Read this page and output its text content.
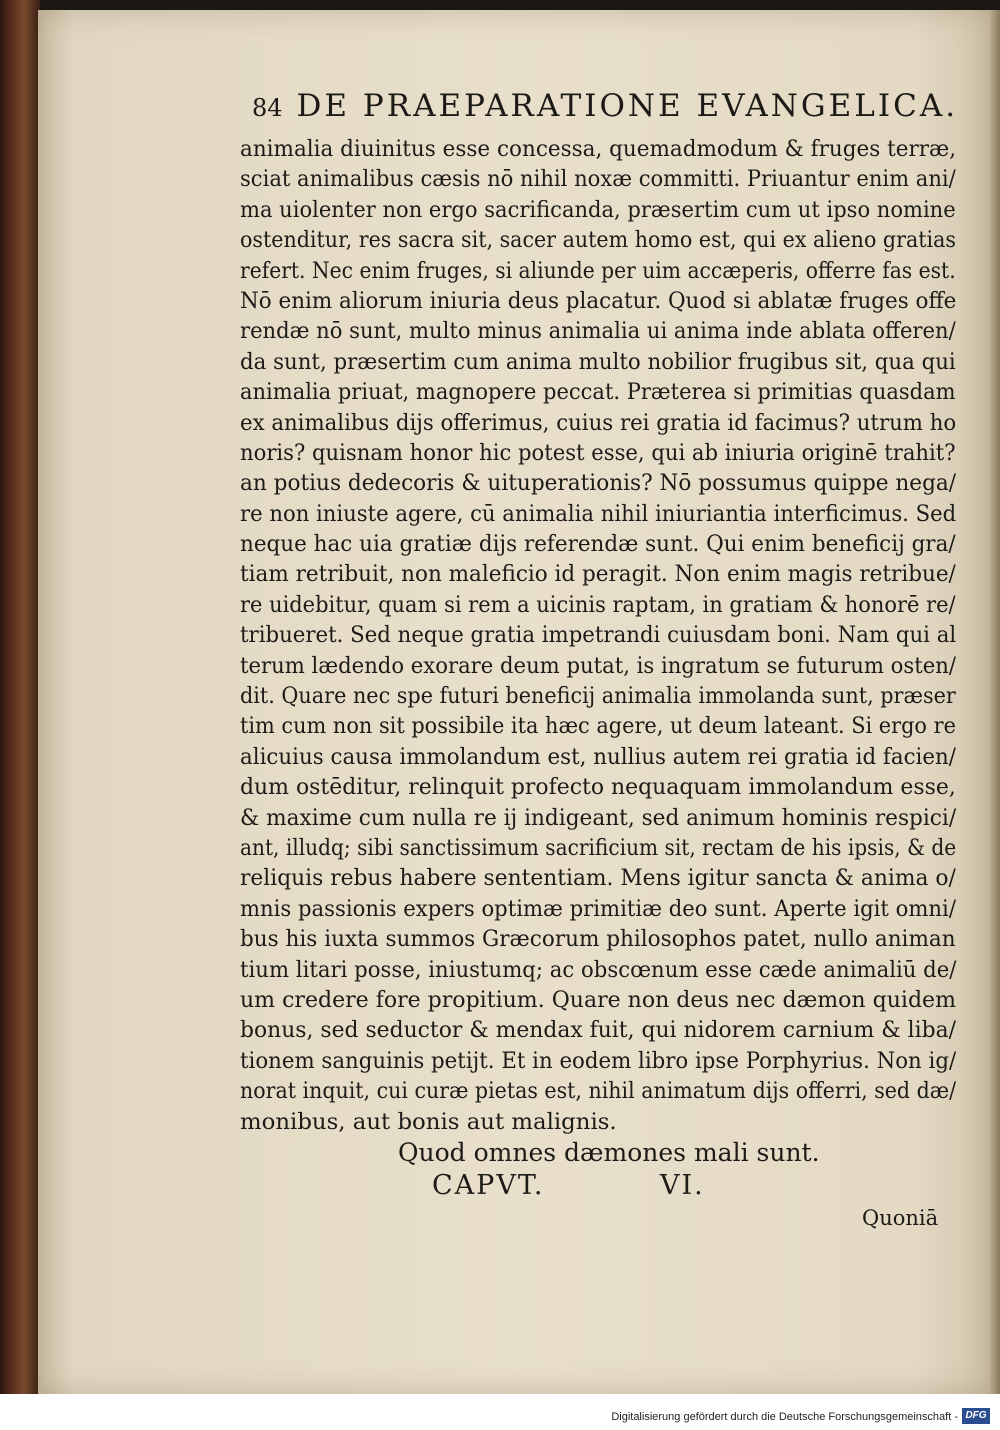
84 DE PRAEPARATIONE EVANGELICA.
animalia diuinitus esse concessa, quemadmodum & fruges terræ,
sciat animalibus cæsis nō nihil noxæ committi. Priuantur enim ani/
ma uiolenter non ergo sacrificanda, præsertim cum ut ipso nomine
ostenditur, res sacra sit, sacer autem homo est, qui ex alieno gratias
refert. Nec enim fruges, si aliunde per uim accæperis, offerre fas est.
Nō enim aliorum iniuria deus placatur. Quod si ablatæ fruges offe
rendæ nō sunt, multo minus animalia ui anima inde ablata offeren/
da sunt, præsertim cum anima multo nobilior frugibus sit, qua qui
animalia priuat, magnopere peccat. Præterea si primitias quasdam
ex animalibus dijs offerimus, cuius rei gratia id facimus? utrum ho
noris? quisnam honor hic potest esse, qui ab iniuria originē trahit?
an potius dedecoris & uituperationis? Nō possumus quippe nega/
re non iniuste agere, cū animalia nihil iniuriantia interficimus. Sed
neque hac uia gratiæ dijs referendæ sunt. Qui enim beneficij gra/
tiam retribuit, non maleficio id peragit. Non enim magis retribue/
re uidebitur, quam si rem a uicinis raptam, in gratiam & honorē re/
tribueret. Sed neque gratia impetrandi cuiusdam boni. Nam qui al
terum lædendo exorare deum putat, is ingratum se futurum osten/
dit. Quare nec spe futuri beneficij animalia immolanda sunt, præser
tim cum non sit possibile ita hæc agere, ut deum lateant. Si ergo re
alicuius causa immolandum est, nullius autem rei gratia id facien/
dum ostēditur, relinquit profecto nequaquam immolandum esse,
& maxime cum nulla re ij indigeant, sed animum hominis respici/
ant, illudq; sibi sanctissimum sacrificium sit, rectam de his ipsis, & de
reliquis rebus habere sententiam. Mens igitur sancta & anima o/
mnis passionis expers optimæ primitiæ deo sunt. Aperte igit omni/
bus his iuxta summos Græcorum philosophos patet, nullo animan
tium litari posse, iniustumq; ac obscœnum esse cæde animaliū de/
um credere fore propitium. Quare non deus nec dæmon quidem
bonus, sed seductor & mendax fuit, qui nidorem carnium & liba/
tionem sanguinis petijt. Et in eodem libro ipse Porphyrius. Non ig/
norat inquit, cui curæ pietas est, nihil animatum dijs offerri, sed dæ/
monibus, aut bonis aut malignis.
Quod omnes dæmones mali sunt.
CAPVT.	VI.
Quoniā
Digitalisierung gefördert durch die Deutsche Forschungsgemeinschaft - DFG
